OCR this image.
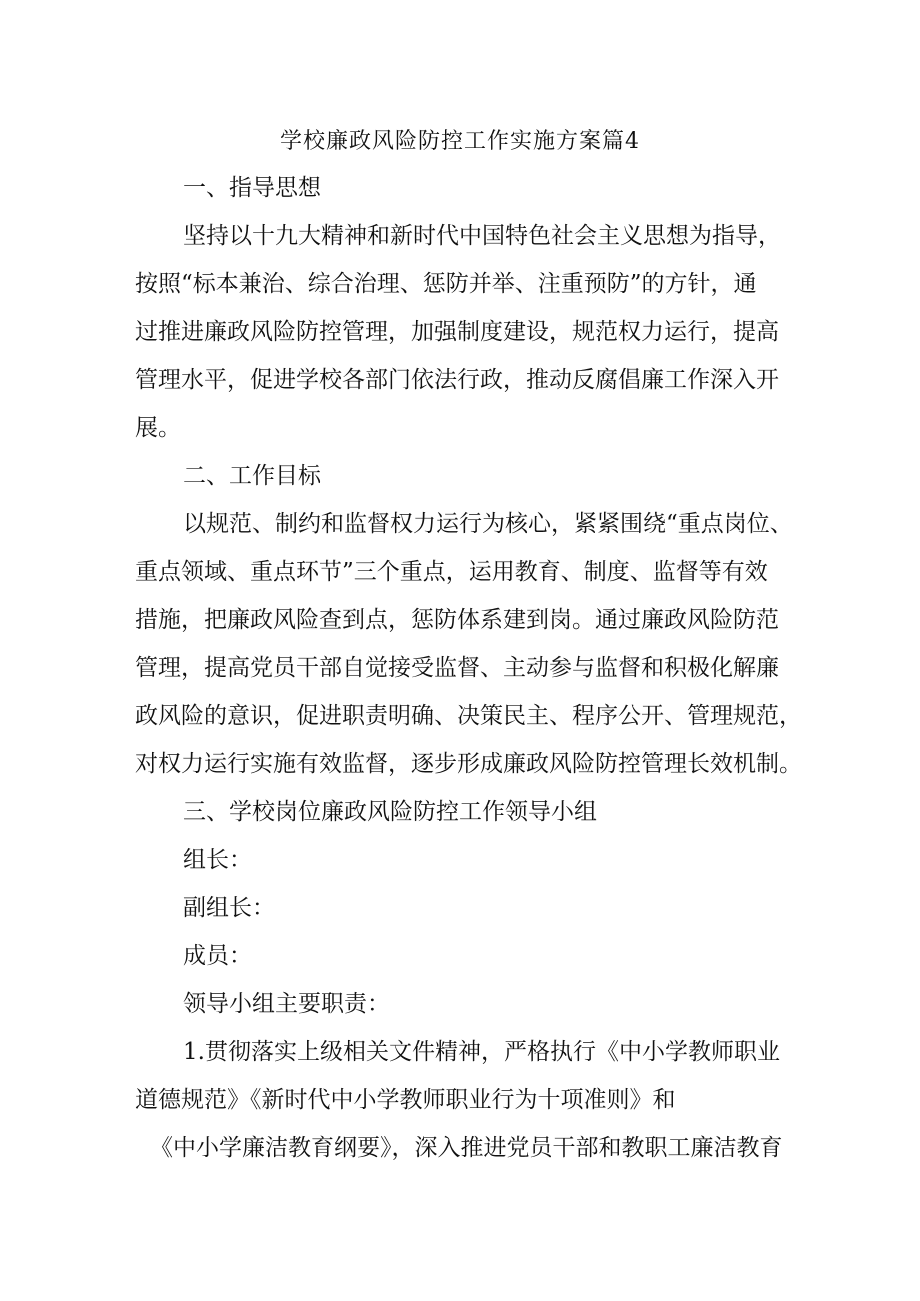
学校廉政风险防控工作实施方案篇4
一、指导思想
坚持以十九大精神和新时代中国特色社会主义思想为指导，
按照“标本兼治、综合治理、惩防并举、注重预防”的方针，通
过推进廉政风险防控管理，加强制度建设，规范权力运行，提高
管理水平，促进学校各部门依法行政，推动反腐倡廉工作深入开
展。
二、工作目标
以规范、制约和监督权力运行为核心，紧紧围绕“重点岗位、
重点领域、重点环节”三个重点，运用教育、制度、监督等有效
措施，把廉政风险查到点，惩防体系建到岗。通过廉政风险防范
管理，提高党员干部自觉接受监督、主动参与监督和积极化解廉
政风险的意识，促进职责明确、决策民主、程序公开、管理规范，
对权力运行实施有效监督，逐步形成廉政风险防控管理长效机制。
三、学校岗位廉政风险防控工作领导小组
组长：
副组长：
成员：
领导小组主要职责：
1.贯彻落实上级相关文件精神，严格执行《中小学教师职业
道德规范》《新时代中小学教师职业行为十项准则》和
《中小学廉洁教育纲要》，深入推进党员干部和教职工廉洁教育
